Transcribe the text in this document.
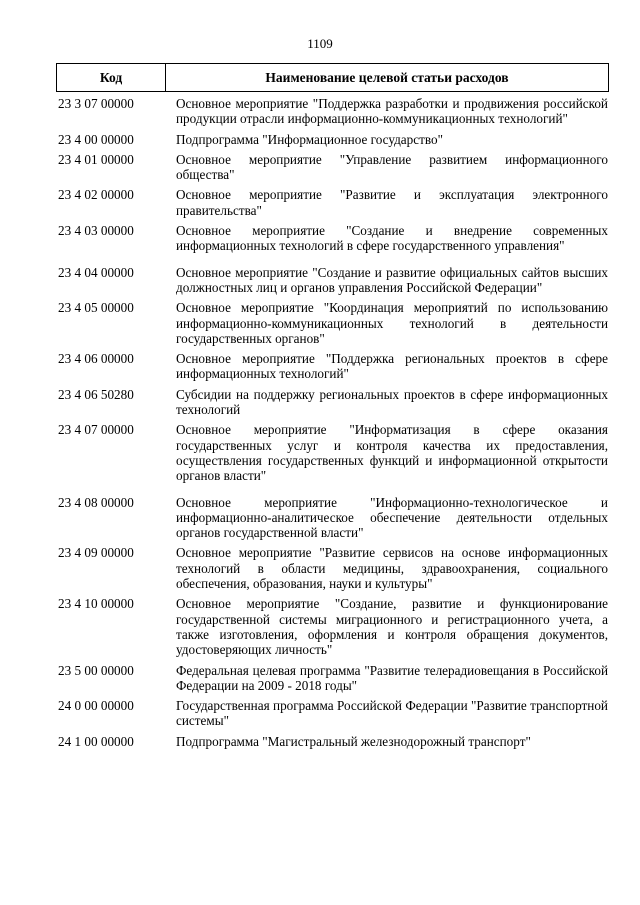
1109
Код	Наименование целевой статьи расходов
23 3 07 00000	Основное мероприятие "Поддержка разработки и продвижения российской продукции отрасли информационно-коммуникационных технологий"
23 4 00 00000	Подпрограмма "Информационное государство"
23 4 01 00000	Основное мероприятие "Управление развитием информационного общества"
23 4 02 00000	Основное мероприятие "Развитие и эксплуатация электронного правительства"
23 4 03 00000	Основное мероприятие "Создание и внедрение современных информационных технологий в сфере государственного управления"
23 4 04 00000	Основное мероприятие "Создание и развитие официальных сайтов высших должностных лиц и органов управления Российской Федерации"
23 4 05 00000	Основное мероприятие "Координация мероприятий по использованию информационно-коммуникационных технологий в деятельности государственных органов"
23 4 06 00000	Основное мероприятие "Поддержка региональных проектов в сфере информационных технологий"
23 4 06 50280	Субсидии на поддержку региональных проектов в сфере информационных технологий
23 4 07 00000	Основное мероприятие "Информатизация в сфере оказания государственных услуг и контроля качества их предоставления, осуществления государственных функций и информационной открытости органов власти"
23 4 08 00000	Основное мероприятие "Информационно-технологическое и информационно-аналитическое обеспечение деятельности отдельных органов государственной власти"
23 4 09 00000	Основное мероприятие "Развитие сервисов на основе информационных технологий в области медицины, здравоохранения, социального обеспечения, образования, науки и культуры"
23 4 10 00000	Основное мероприятие "Создание, развитие и функционирование государственной системы миграционного и регистрационного учета, а также изготовления, оформления и контроля обращения документов, удостоверяющих личность"
23 5 00 00000	Федеральная целевая программа "Развитие телерадиовещания в Российской Федерации на 2009 - 2018 годы"
24 0 00 00000	Государственная программа Российской Федерации "Развитие транспортной системы"
24 1 00 00000	Подпрограмма "Магистральный железнодорожный транспорт"
